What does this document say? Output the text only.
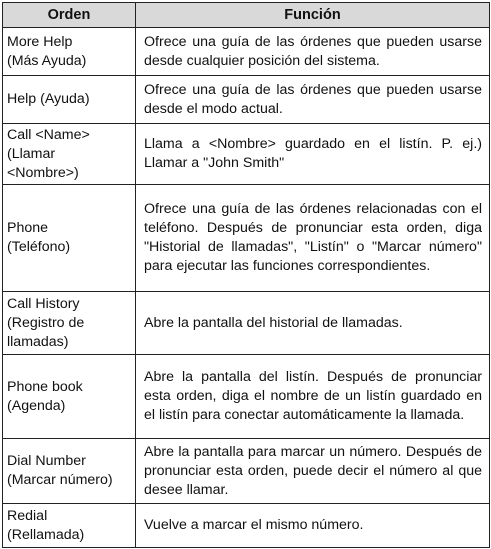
Orden	Función

More Help
(Más Ayuda)	Ofrece una guía de las órdenes que pueden usarse desde cualquier posición del sistema.

Help (Ayuda)	Ofrece una guía de las órdenes que pueden usarse desde el modo actual.

Call <Name>
(Llamar
<Nombre>)	Llama a <Nombre> guardado en el listín. P. ej.) Llamar a "John Smith"

Phone
(Teléfono)	Ofrece una guía de las órdenes relacionadas con el teléfono. Después de pronunciar esta orden, diga "Historial de llamadas", "Listín" o "Marcar número" para ejecutar las funciones correspondientes.

Call History
(Registro de
llamadas)	Abre la pantalla del historial de llamadas.

Phone book
(Agenda)	Abre la pantalla del listín. Después de pronunciar esta orden, diga el nombre de un listín guardado en el listín para conectar automáticamente la llamada.

Dial Number
(Marcar número)	Abre la pantalla para marcar un número. Después de pronunciar esta orden, puede decir el número al que desee llamar.

Redial
(Rellamada)	Vuelve a marcar el mismo número.
